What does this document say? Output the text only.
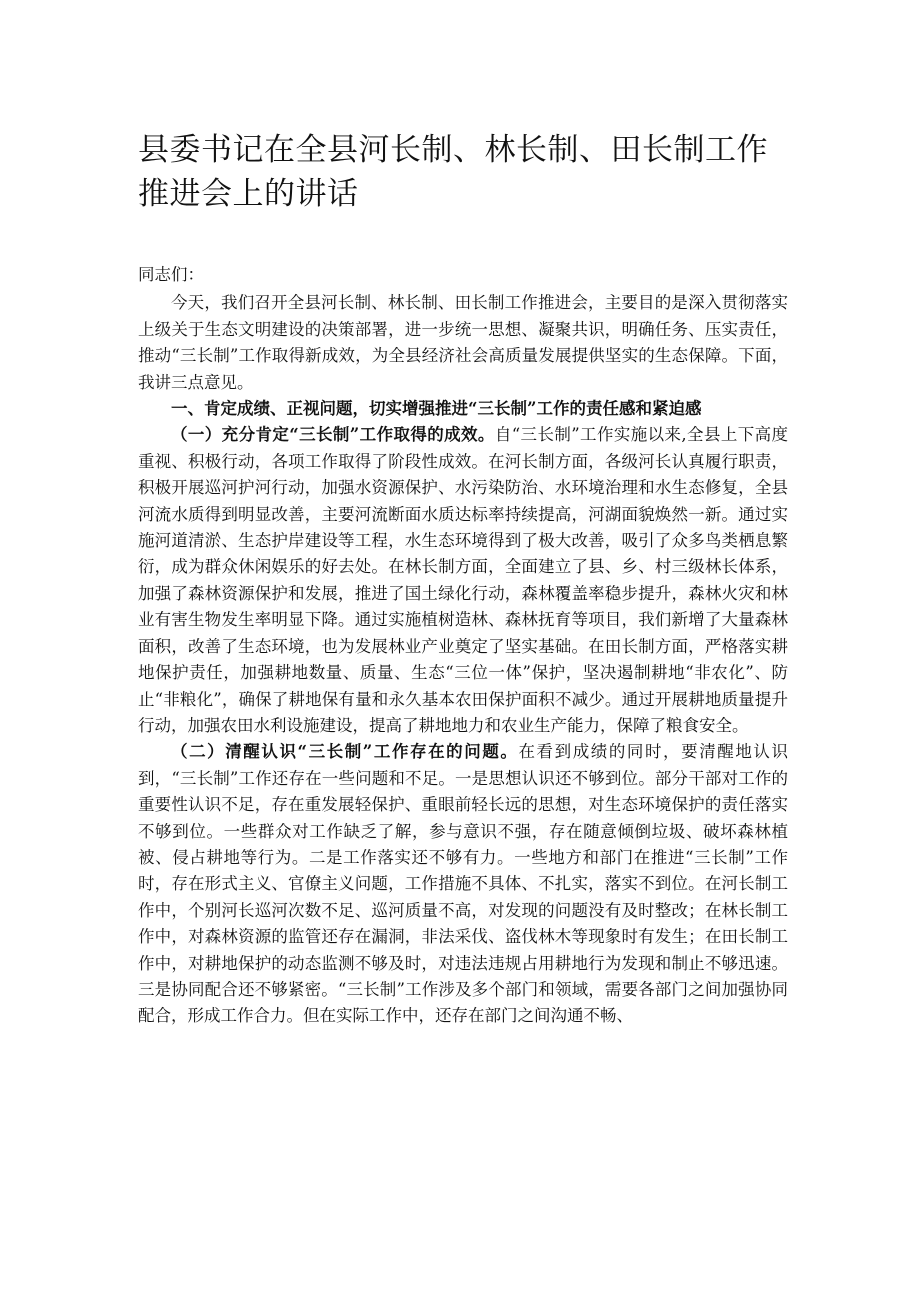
县委书记在全县河长制、林长制、田长制工作推进会上的讲话

同志们：

今天，我们召开全县河长制、林长制、田长制工作推进会，主要目的是深入贯彻落实上级关于生态文明建设的决策部署，进一步统一思想、凝聚共识，明确任务、压实责任，推动“三长制”工作取得新成效，为全县经济社会高质量发展提供坚实的生态保障。下面，我讲三点意见。

一、肯定成绩、正视问题，切实增强推进“三长制”工作的责任感和紧迫感

（一）充分肯定“三长制”工作取得的成效。自“三长制”工作实施以来,全县上下高度重视、积极行动，各项工作取得了阶段性成效。在河长制方面，各级河长认真履行职责，积极开展巡河护河行动，加强水资源保护、水污染防治、水环境治理和水生态修复，全县河流水质得到明显改善，主要河流断面水质达标率持续提高，河湖面貌焕然一新。通过实施河道清淤、生态护岸建设等工程，水生态环境得到了极大改善，吸引了众多鸟类栖息繁衍，成为群众休闲娱乐的好去处。在林长制方面，全面建立了县、乡、村三级林长体系，加强了森林资源保护和发展，推进了国土绿化行动，森林覆盖率稳步提升，森林火灾和林业有害生物发生率明显下降。通过实施植树造林、森林抚育等项目，我们新增了大量森林面积，改善了生态环境，也为发展林业产业奠定了坚实基础。在田长制方面，严格落实耕地保护责任，加强耕地数量、质量、生态“三位一体”保护，坚决遏制耕地“非农化”、防止“非粮化”，确保了耕地保有量和永久基本农田保护面积不减少。通过开展耕地质量提升行动，加强农田水利设施建设，提高了耕地地力和农业生产能力，保障了粮食安全。

（二）清醒认识“三长制”工作存在的问题。在看到成绩的同时，要清醒地认识到，“三长制”工作还存在一些问题和不足。一是思想认识还不够到位。部分干部对工作的重要性认识不足，存在重发展轻保护、重眼前轻长远的思想，对生态环境保护的责任落实不够到位。一些群众对工作缺乏了解，参与意识不强，存在随意倾倒垃圾、破坏森林植被、侵占耕地等行为。二是工作落实还不够有力。一些地方和部门在推进“三长制”工作时，存在形式主义、官僚主义问题，工作措施不具体、不扎实，落实不到位。在河长制工作中，个别河长巡河次数不足、巡河质量不高，对发现的问题没有及时整改；在林长制工作中，对森林资源的监管还存在漏洞，非法采伐、盗伐林木等现象时有发生；在田长制工作中，对耕地保护的动态监测不够及时，对违法违规占用耕地行为发现和制止不够迅速。三是协同配合还不够紧密。“三长制”工作涉及多个部门和领域，需要各部门之间加强协同配合，形成工作合力。但在实际工作中，还存在部门之间沟通不畅、
